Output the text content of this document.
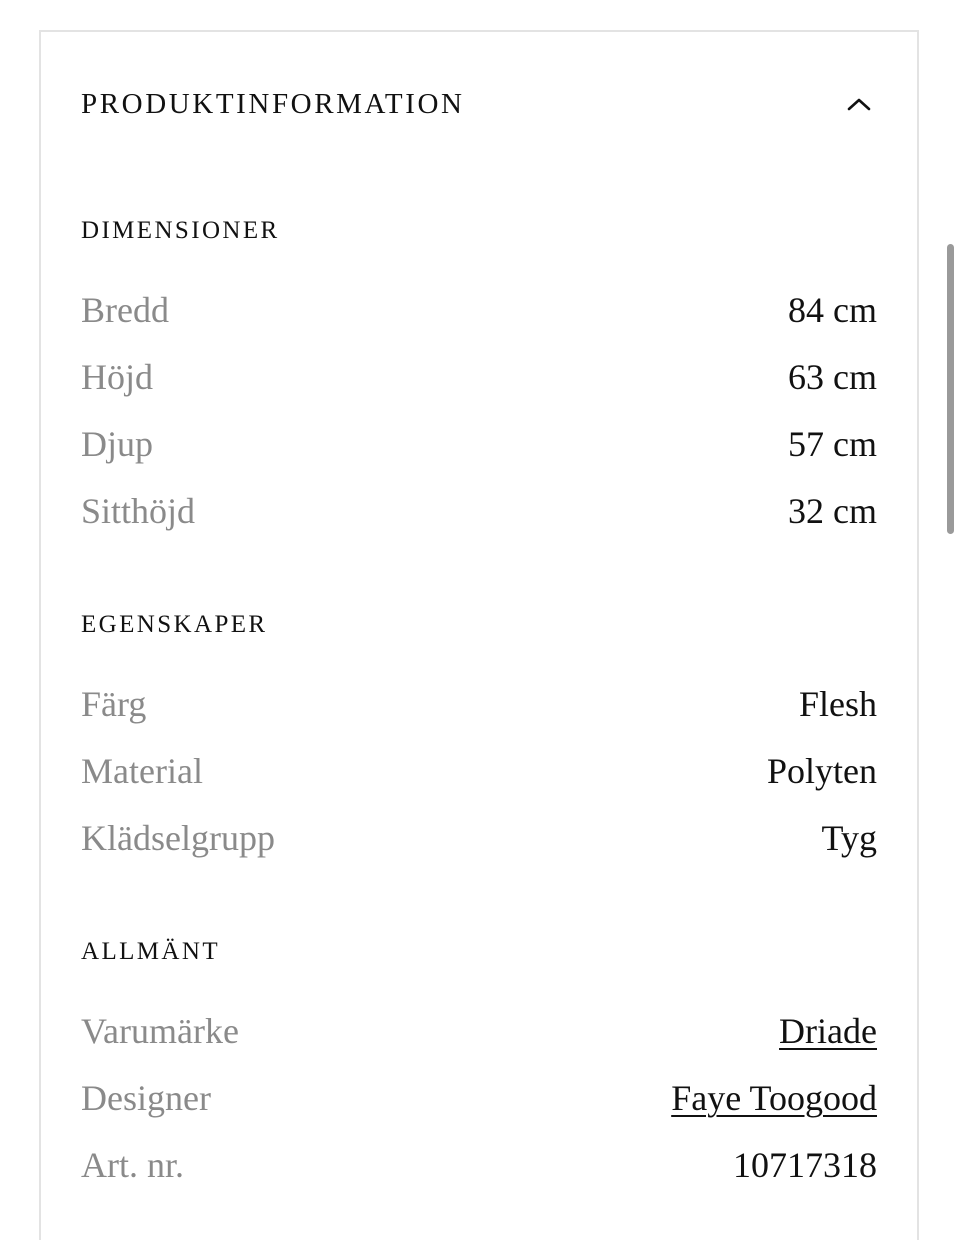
PRODUKTINFORMATION
DIMENSIONER
Bredd	84 cm
Höjd	63 cm
Djup	57 cm
Sitthöjd	32 cm
EGENSKAPER
Färg	Flesh
Material	Polyten
Klädselgrupp	Tyg
ALLMÄNT
Varumärke	Driade
Designer	Faye Toogood
Art. nr.	10717318
